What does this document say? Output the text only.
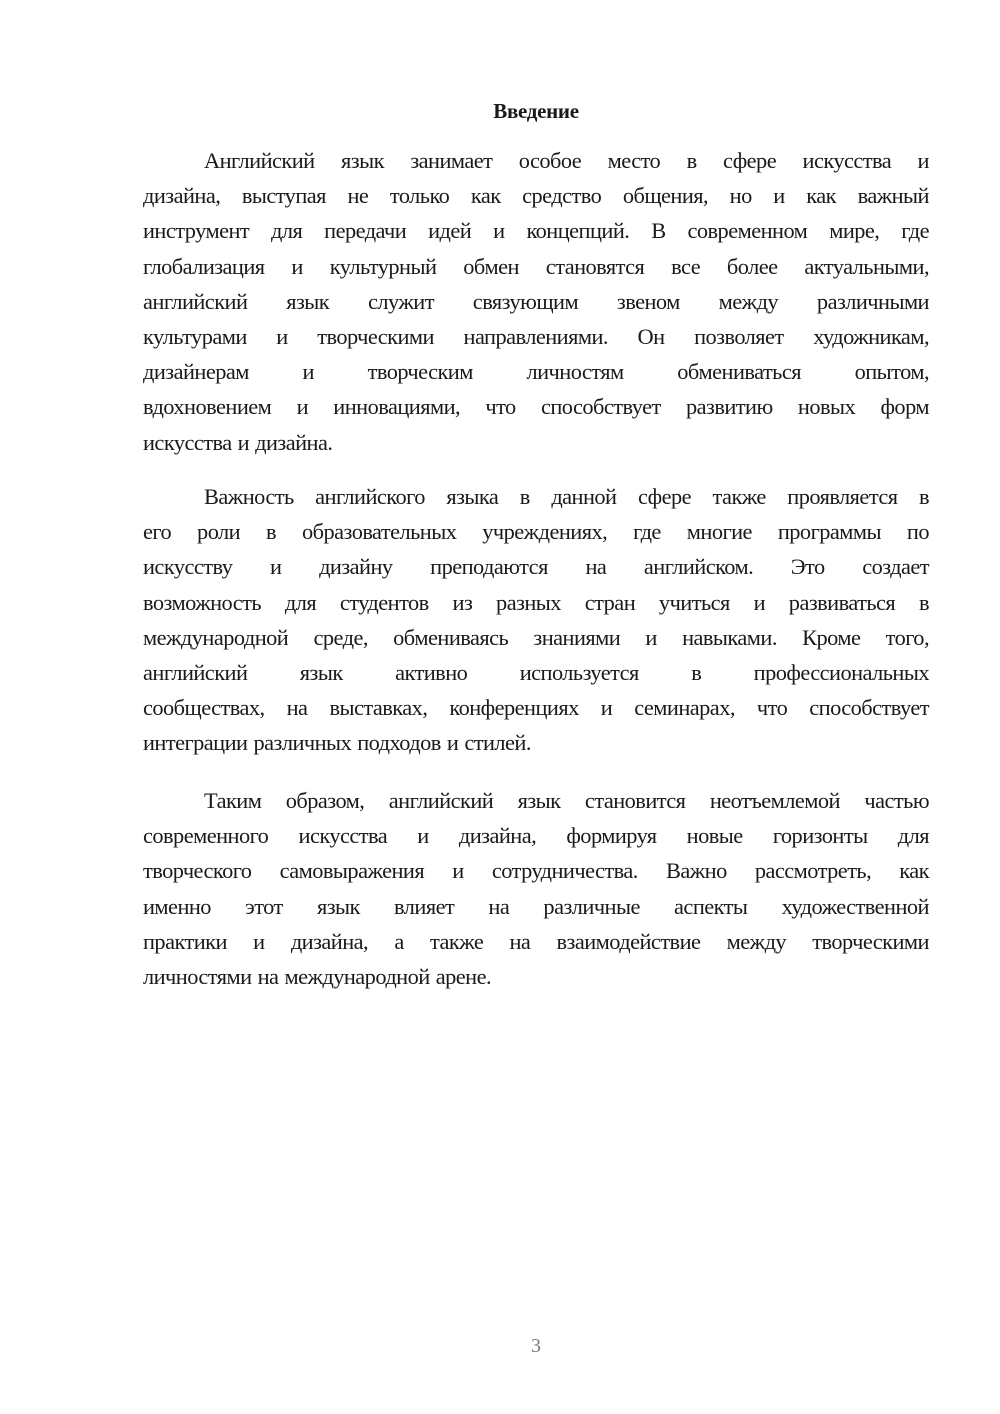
Введение
Английский язык занимает особое место в сфере искусства и
дизайна, выступая не только как средство общения, но и как важный
инструмент для передачи идей и концепций. В современном мире, где
глобализация и культурный обмен становятся все более актуальными,
английский язык служит связующим звеном между различными
культурами и творческими направлениями. Он позволяет художникам,
дизайнерам и творческим личностям обмениваться опытом,
вдохновением и инновациями, что способствует развитию новых форм
искусства и дизайна.
Важность английского языка в данной сфере также проявляется в
его роли в образовательных учреждениях, где многие программы по
искусству и дизайну преподаются на английском. Это создает
возможность для студентов из разных стран учиться и развиваться в
международной среде, обмениваясь знаниями и навыками. Кроме того,
английский язык активно используется в профессиональных
сообществах, на выставках, конференциях и семинарах, что способствует
интеграции различных подходов и стилей.
Таким образом, английский язык становится неотъемлемой частью
современного искусства и дизайна, формируя новые горизонты для
творческого самовыражения и сотрудничества. Важно рассмотреть, как
именно этот язык влияет на различные аспекты художественной
практики и дизайна, а также на взаимодействие между творческими
личностями на международной арене.
3
